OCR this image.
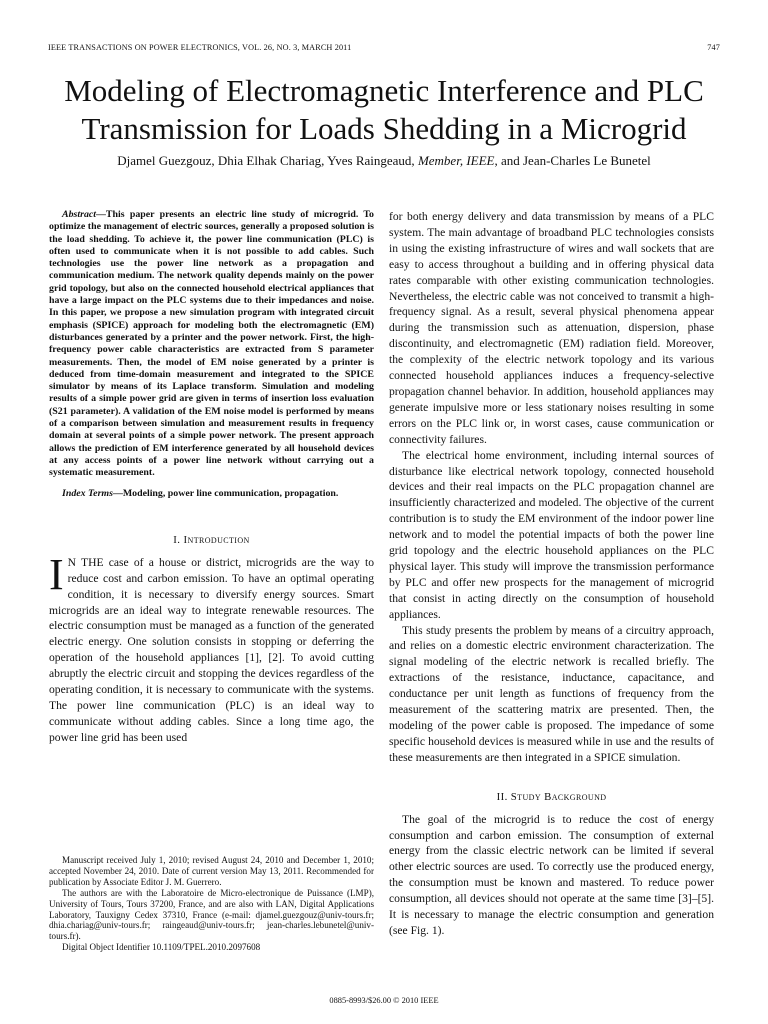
IEEE TRANSACTIONS ON POWER ELECTRONICS, VOL. 26, NO. 3, MARCH 2011	747
Modeling of Electromagnetic Interference and PLC
Transmission for Loads Shedding in a Microgrid
Djamel Guezgouz, Dhia Elhak Chariag, Yves Raingeaud, Member, IEEE, and Jean-Charles Le Bunetel

Abstract—This paper presents an electric line study of microgrid. To optimize the management of electric sources, generally a proposed solution is the load shedding. To achieve it, the power line communication (PLC) is often used to communicate when it is not possible to add cables. Such technologies use the power line network as a propagation and communication medium. The network quality depends mainly on the power grid topology, but also on the connected household electrical appliances that have a large impact on the PLC systems due to their impedances and noise. In this paper, we propose a new simulation program with integrated circuit emphasis (SPICE) approach for modeling both the electromagnetic (EM) disturbances generated by a printer and the power network. First, the high-frequency power cable characteristics are extracted from S parameter measurements. Then, the model of EM noise generated by a printer is deduced from time-domain measurement and integrated to the SPICE simulator by means of its Laplace transform. Simulation and modeling results of a simple power grid are given in terms of insertion loss evaluation (S21 parameter). A validation of the EM noise model is performed by means of a comparison between simulation and measurement results in frequency domain at several points of a simple power network. The present approach allows the prediction of EM interference generated by all household devices at any access points of a power line network without carrying out a systematic measurement.

Index Terms—Modeling, power line communication, propagation.

I. Introduction

I N THE case of a house or district, microgrids are the way to reduce cost and carbon emission. To have an optimal operating condition, it is necessary to diversify energy sources. Smart microgrids are an ideal way to integrate renewable resources. The electric consumption must be managed as a function of the generated electric energy. One solution consists in stopping or deferring the operation of the household appliances [1], [2]. To avoid cutting abruptly the electric circuit and stopping the devices regardless of the operating condition, it is necessary to communicate with the systems. The power line communication (PLC) is an ideal way to communicate without adding cables. Since a long time ago, the power line grid has been used

for both energy delivery and data transmission by means of a PLC system. The main advantage of broadband PLC technologies consists in using the existing infrastructure of wires and wall sockets that are easy to access throughout a building and in offering physical data rates comparable with other existing communication technologies. Nevertheless, the electric cable was not conceived to transmit a high-frequency signal. As a result, several physical phenomena appear during the transmission such as attenuation, dispersion, phase discontinuity, and electromagnetic (EM) radiation field. Moreover, the complexity of the electric network topology and its various connected household appliances induces a frequency-selective propagation channel behavior. In addition, household appliances may generate impulsive more or less stationary noises resulting in some errors on the PLC link or, in worst cases, cause communication or connectivity failures.

The electrical home environment, including internal sources of disturbance like electrical network topology, connected household devices and their real impacts on the PLC propagation channel are insufficiently characterized and modeled. The objective of the current contribution is to study the EM environment of the indoor power line network and to model the potential impacts of both the power line grid topology and the electric household appliances on the PLC physical layer. This study will improve the transmission performance by PLC and offer new prospects for the management of microgrid that consist in acting directly on the consumption of household appliances.

This study presents the problem by means of a circuitry approach, and relies on a domestic electric environment characterization. The signal modeling of the electric network is recalled briefly. The extractions of the resistance, inductance, capacitance, and conductance per unit length as functions of frequency from the measurement of the scattering matrix are presented. Then, the modeling of the power cable is proposed. The impedance of some specific household devices is measured while in use and the results of these measurements are then integrated in a SPICE simulation.

II. Study Background

The goal of the microgrid is to reduce the cost of energy consumption and carbon emission. The consumption of external energy from the classic electric network can be limited if several other electric sources are used. To correctly use the produced energy, the consumption must be known and mastered. To reduce power consumption, all devices should not operate at the same time [3]–[5]. It is necessary to manage the electric consumption and generation (see Fig. 1).

Manuscript received July 1, 2010; revised August 24, 2010 and December 1, 2010; accepted November 24, 2010. Date of current version May 13, 2011. Recommended for publication by Associate Editor J. M. Guerrero.

The authors are with the Laboratoire de Micro-electronique de Puissance (LMP), University of Tours, Tours 37200, France, and are also with LAN, Digital Applications Laboratory, Tauxigny Cedex 37310, France (e-mail: djamel.guezgouz@univ-tours.fr; dhia.chariag@univ-tours.fr; raingeaud@univ-tours.fr; jean-charles.lebunetel@univ-tours.fr).

Digital Object Identifier 10.1109/TPEL.2010.2097608

0885-8993/$26.00 © 2010 IEEE
